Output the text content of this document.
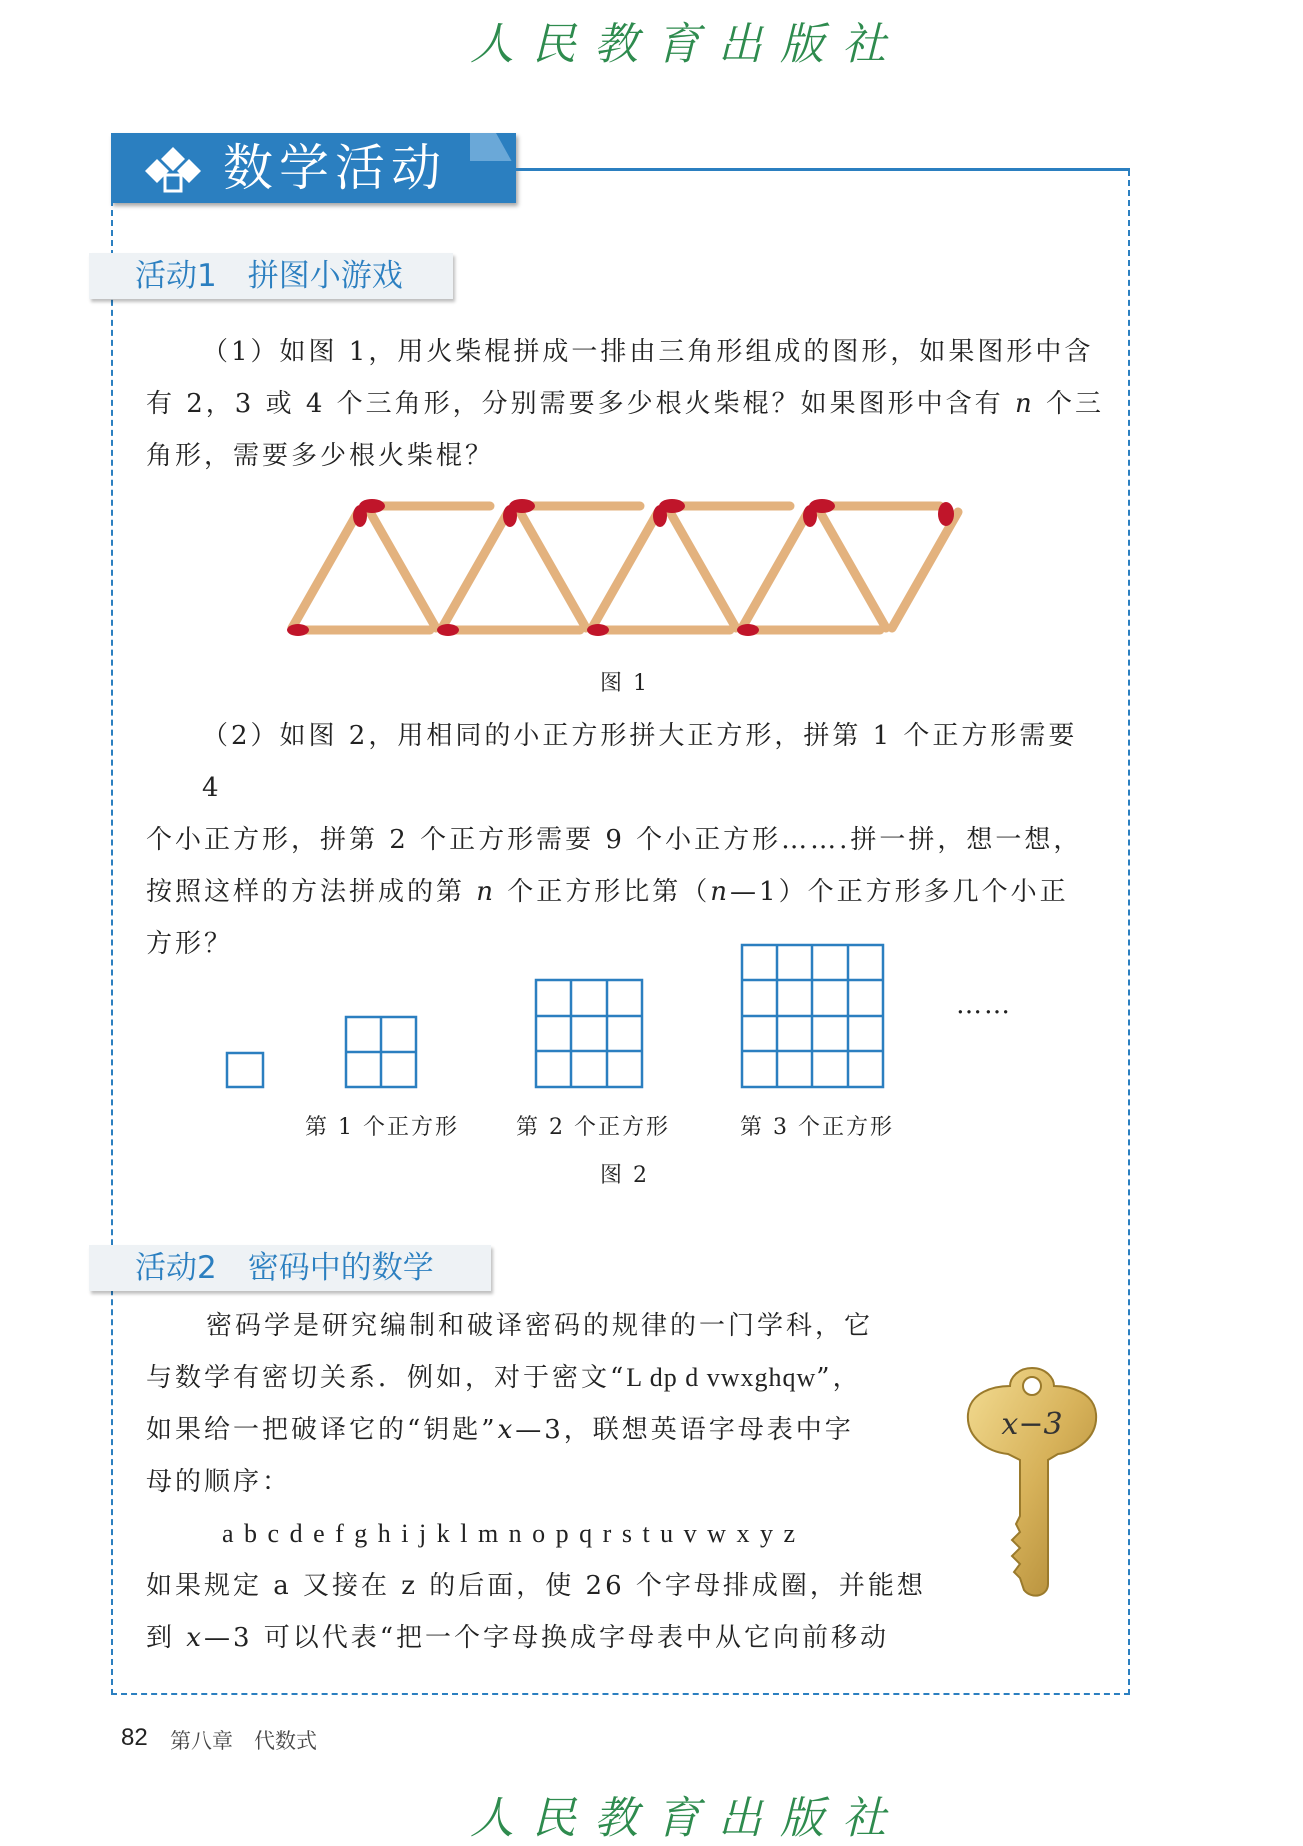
人民教育出版社
数学活动
活动1　拼图小游戏

（1）如图 1，用火柴棍拼成一排由三角形组成的图形，如果图形中含

有 2，3 或 4 个三角形，分别需要多少根火柴棍？如果图形中含有 n 个三

角形，需要多少根火柴棍？

图 1

（2）如图 2，用相同的小正方形拼大正方形，拼第 1 个正方形需要 4

个小正方形，拼第 2 个正方形需要 9 个小正方形…….拼一拼，想一想，

按照这样的方法拼成的第 n 个正方形比第（n—1）个正方形多几个小正

方形？

……
第 1 个正方形	第 2 个正方形	第 3 个正方形
图 2
活动2　密码中的数学

密码学是研究编制和破译密码的规律的一门学科，它

与数学有密切关系．例如，对于密文“L dp d vwxghqw”，

如果给一把破译它的“钥匙”x—3，联想英语字母表中字

母的顺序：

a b c d e f g h i j k l m n o p q r s t u v w x y z

如果规定 a 又接在 z 的后面，使 26 个字母排成圈，并能想

到 x—3 可以代表“把一个字母换成字母表中从它向前移动

x−3
82 第八章　代数式
人民教育出版社
